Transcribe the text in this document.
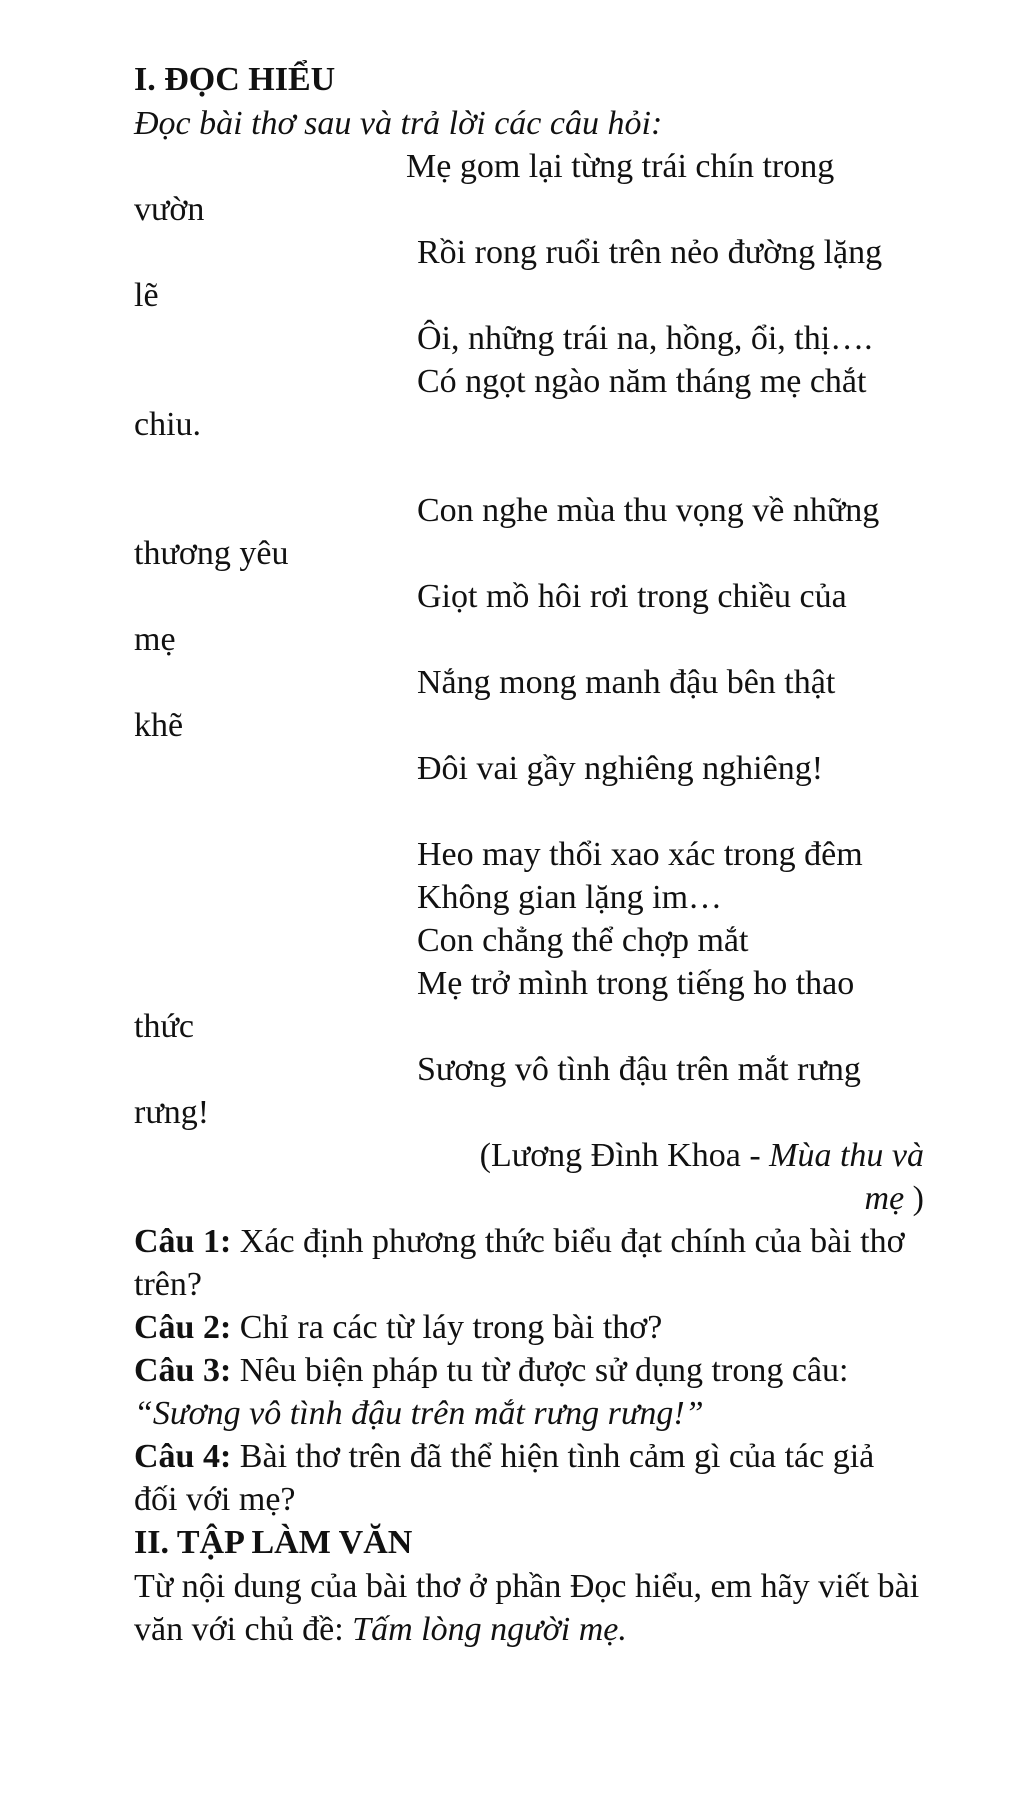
I. ĐỌC HIỂU

Đọc bài thơ sau và trả lời các câu hỏi:

Mẹ gom lại từng trái chín trong
vườn
Rồi rong ruổi trên nẻo đường lặng
lẽ
Ôi, những trái na, hồng, ổi, thị….
Có ngọt ngào năm tháng mẹ chắt
chiu.
Con nghe mùa thu vọng về những
thương yêu
Giọt mồ hôi rơi trong chiều của
mẹ
Nắng mong manh đậu bên thật
khẽ
Đôi vai gầy nghiêng nghiêng!
Heo may thổi xao xác trong đêm
Không gian lặng im…
Con chẳng thể chợp mắt
Mẹ trở mình trong tiếng ho thao
thức
Sương vô tình đậu trên mắt rưng
rưng!

(Lương Đình Khoa - Mùa thu và
mẹ )

Câu 1: Xác định phương thức biểu đạt chính của bài thơ trên?

Câu 2: Chỉ ra các từ láy trong bài thơ?

Câu 3: Nêu biện pháp tu từ được sử dụng trong câu:
“Sương vô tình đậu trên mắt rưng rưng!”

Câu 4: Bài thơ trên đã thể hiện tình cảm gì của tác giả đối với mẹ?

II. TẬP LÀM VĂN

Từ nội dung của bài thơ ở phần Đọc hiểu, em hãy viết bài văn với chủ đề: Tấm lòng người mẹ.
